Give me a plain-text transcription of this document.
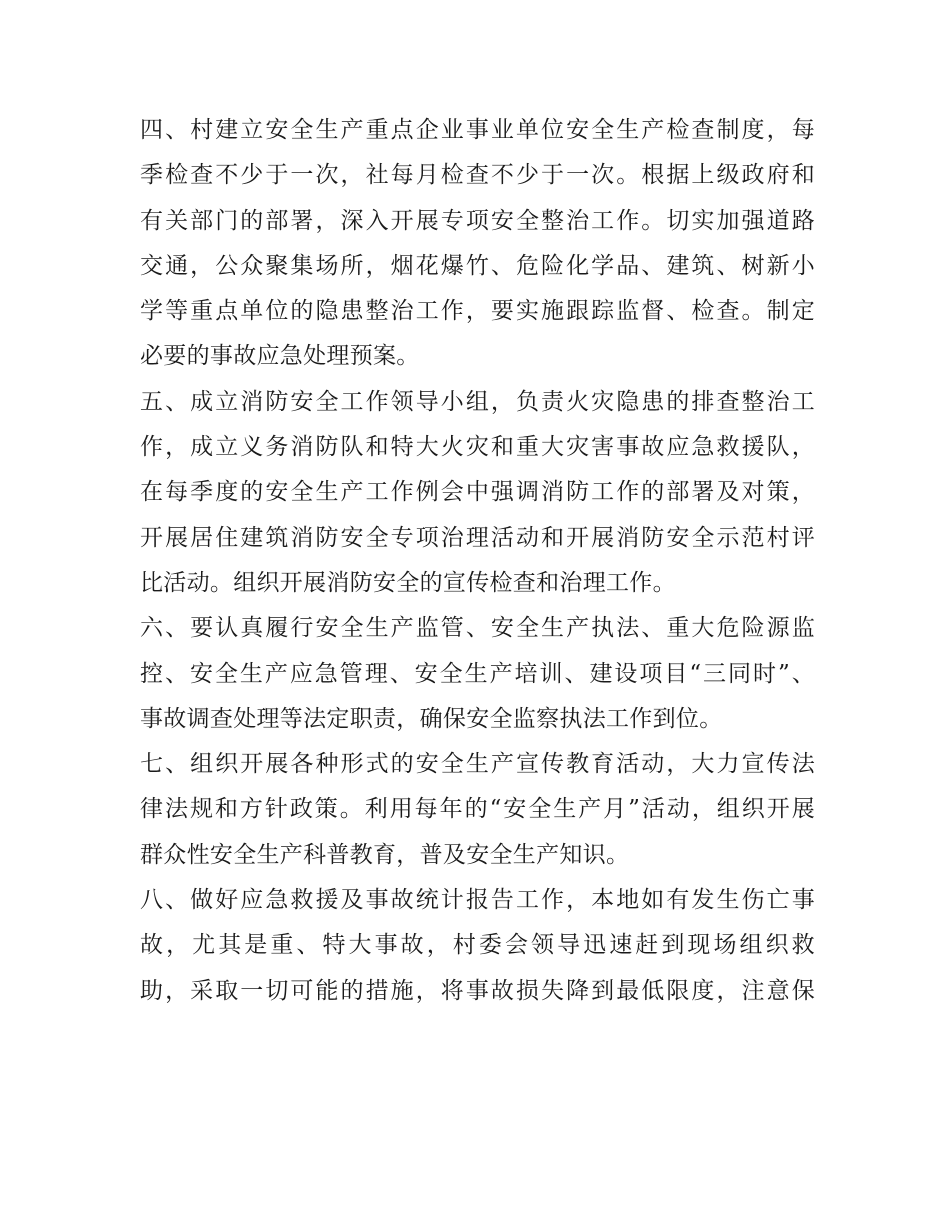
四、村建立安全生产重点企业事业单位安全生产检查制度，每
季检查不少于一次，社每月检查不少于一次。根据上级政府和
有关部门的部署，深入开展专项安全整治工作。切实加强道路
交通，公众聚集场所，烟花爆竹、危险化学品、建筑、树新小
学等重点单位的隐患整治工作，要实施跟踪监督、检查。制定
必要的事故应急处理预案。
五、成立消防安全工作领导小组，负责火灾隐患的排查整治工
作，成立义务消防队和特大火灾和重大灾害事故应急救援队，
在每季度的安全生产工作例会中强调消防工作的部署及对策，
开展居住建筑消防安全专项治理活动和开展消防安全示范村评
比活动。组织开展消防安全的宣传检查和治理工作。
六、要认真履行安全生产监管、安全生产执法、重大危险源监
控、安全生产应急管理、安全生产培训、建设项目“三同时”、
事故调查处理等法定职责，确保安全监察执法工作到位。
七、组织开展各种形式的安全生产宣传教育活动，大力宣传法
律法规和方针政策。利用每年的“安全生产月”活动，组织开展
群众性安全生产科普教育，普及安全生产知识。
八、做好应急救援及事故统计报告工作，本地如有发生伤亡事
故，尤其是重、特大事故，村委会领导迅速赶到现场组织救
助，采取一切可能的措施，将事故损失降到最低限度，注意保
